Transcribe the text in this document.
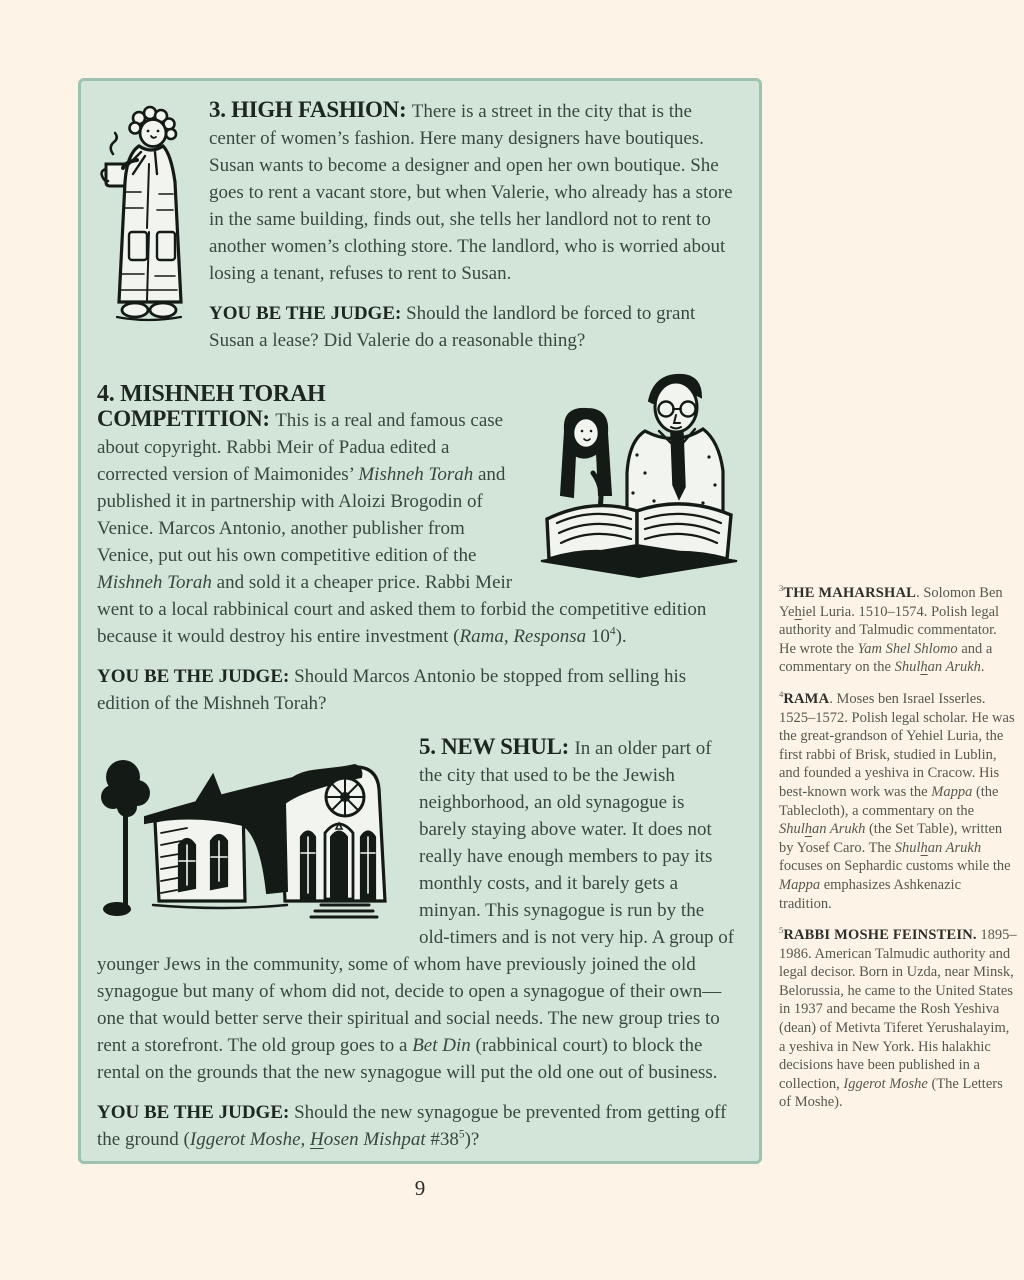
3. HIGH FASHION: There is a street in the city that is the center of women’s fashion. Here many designers have boutiques. Susan wants to become a designer and open her own boutique. She goes to rent a vacant store, but when Valerie, who already has a store in the same building, finds out, she tells her landlord not to rent to another women’s clothing store. The landlord, who is worried about losing a tenant, refuses to rent to Susan.

YOU BE THE JUDGE: Should the landlord be forced to grant Susan a lease? Did Valerie do a reasonable thing?

4. MISHNEH TORAH

COMPETITION: This is a real and famous case about copyright. Rabbi Meir of Padua edited a corrected version of Maimonides’ Mishneh Torah and published it in partnership with Aloizi Brogodin of Venice. Marcos Antonio, another publisher from Venice, put out his own competitive edition of the Mishneh Torah and sold it a cheaper price. Rabbi Meir went to a local rabbinical court and asked them to forbid the competitive edition because it would destroy his entire investment (Rama, Responsa $10^4$).

YOU BE THE JUDGE: Should Marcos Antonio be stopped from selling his edition of the Mishneh Torah?

5. NEW SHUL: In an older part of the city that used to be the Jewish neighborhood, an old synagogue is barely staying above water. It does not really have enough members to pay its monthly costs, and it barely gets a minyan. This synagogue is run by the old-timers and is not very hip. A group of younger Jews in the community, some of whom have previously joined the old synagogue but many of whom did not, decide to open a synagogue of their own—one that would better serve their spiritual and social needs. The new group tries to rent a storefront. The old group goes to a Bet Din (rabbinical court) to block the rental on the grounds that the new synagogue will put the old one out of business.

YOU BE THE JUDGE: Should the new synagogue be prevented from getting off the ground (Iggerot Moshe, Hosen Mishpat $\#38^5$)?

$^3$THE MAHARSHAL. Solomon Ben Yehiel Luria. 1510–1574. Polish legal authority and Talmudic commentator. He wrote the Yam Shel Shlomo and a commentary on the Shulhan Arukh.

$^4$RAMA. Moses ben Israel Isserles. 1525–1572. Polish legal scholar. He was the great-grandson of Yehiel Luria, the first rabbi of Brisk, studied in Lublin, and founded a yeshiva in Cracow. His best-known work was the Mappa (the Tablecloth), a commentary on the Shulhan Arukh (the Set Table), written by Yosef Caro. The Shulhan Arukh focuses on Sephardic customs while the Mappa emphasizes Ashkenazic tradition.

$^5$RABBI MOSHE FEINSTEIN. 1895–1986. American Talmudic authority and legal decisor. Born in Uzda, near Minsk, Belorussia, he came to the United States in 1937 and became the Rosh Yeshiva (dean) of Metivta Tiferet Yerushalayim, a yeshiva in New York. His halakhic decisions have been published in a collection, Iggerot Moshe (The Letters of Moshe).

9
